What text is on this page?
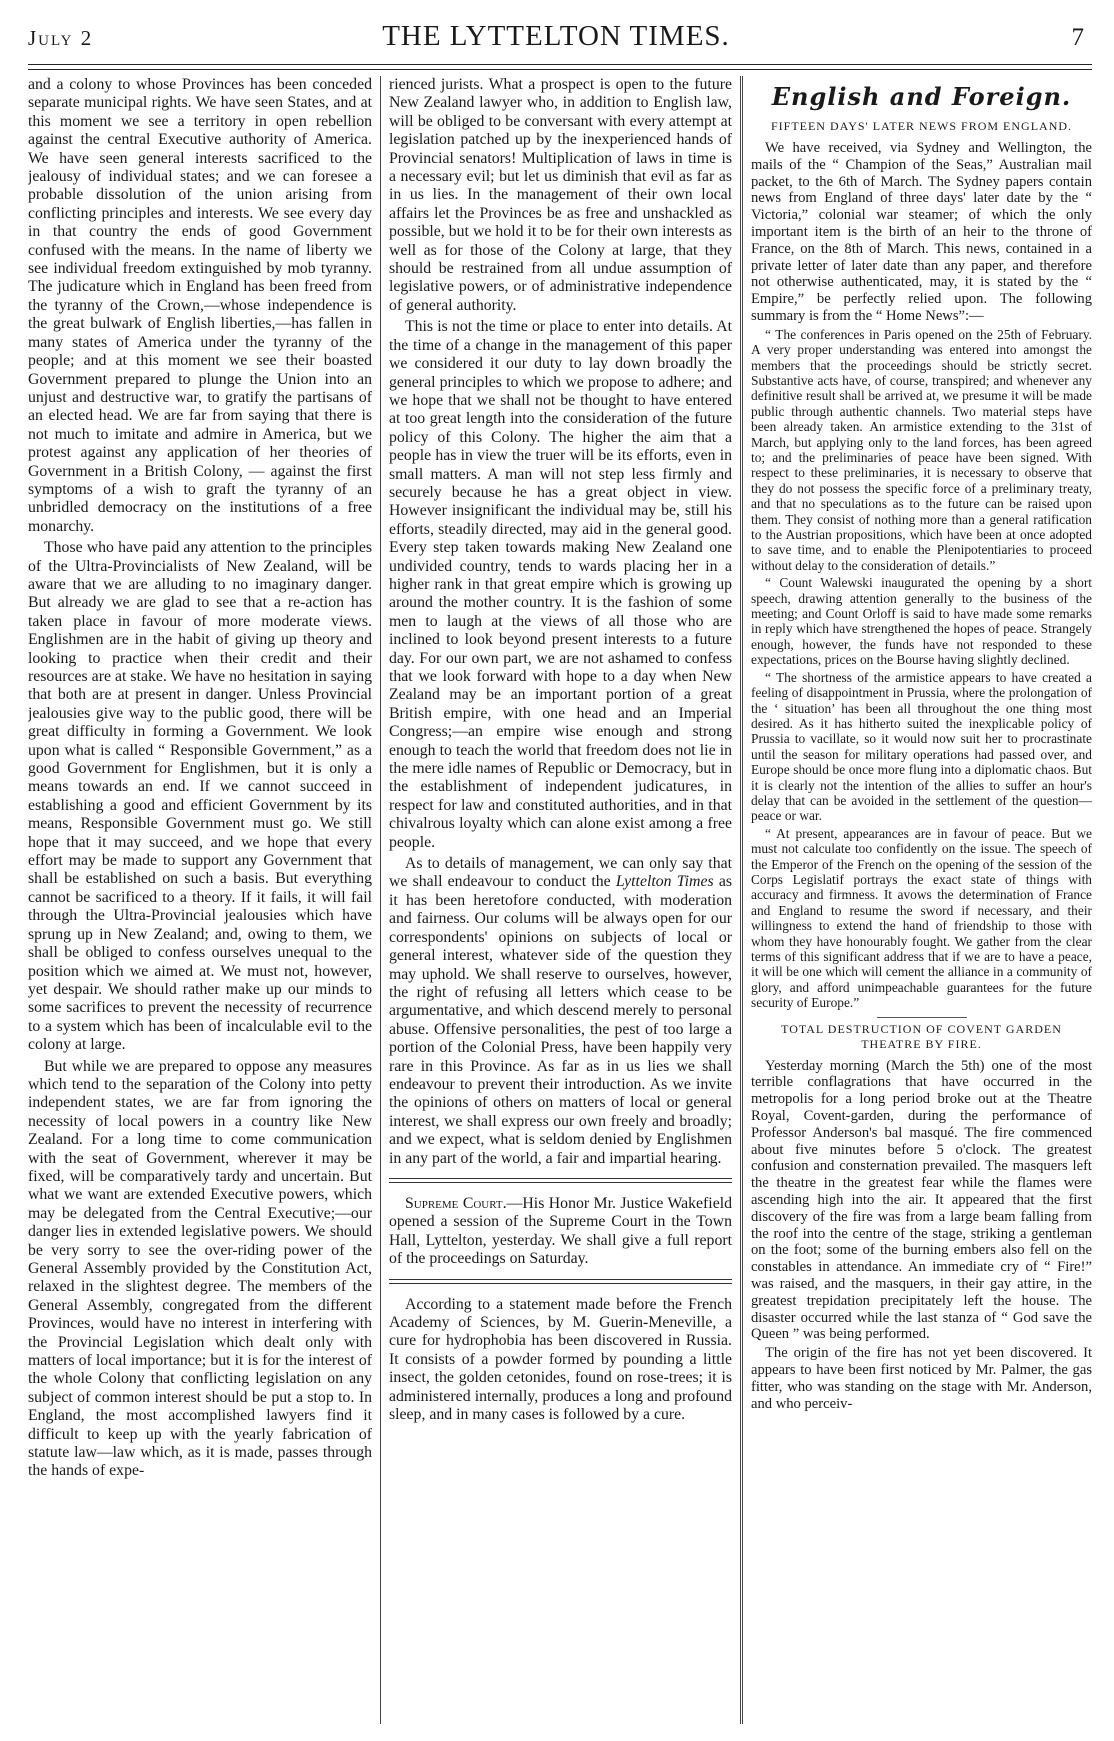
July 2	THE LYTTELTON TIMES.	7

and a colony to whose Provinces has been conceded separate municipal rights. We have seen States, and at this moment we see a territory in open rebellion against the central Executive authority of America. We have seen general interests sacrificed to the jealousy of individual states; and we can foresee a probable dissolution of the union arising from conflicting principles and interests. We see every day in that country the ends of good Government confused with the means. In the name of liberty we see individual freedom extinguished by mob tyranny. The judicature which in England has been freed from the tyranny of the Crown,—whose independence is the great bulwark of English liberties,—has fallen in many states of America under the tyranny of the people; and at this moment we see their boasted Government prepared to plunge the Union into an unjust and destructive war, to gratify the partisans of an elected head. We are far from saying that there is not much to imitate and admire in America, but we protest against any application of her theories of Government in a British Colony, — against the first symptoms of a wish to graft the tyranny of an unbridled democracy on the institutions of a free monarchy.

Those who have paid any attention to the principles of the Ultra-Provincialists of New Zealand, will be aware that we are alluding to no imaginary danger. But already we are glad to see that a re-action has taken place in favour of more moderate views. Englishmen are in the habit of giving up theory and looking to practice when their credit and their resources are at stake. We have no hesitation in saying that both are at present in danger. Unless Provincial jealousies give way to the public good, there will be great difficulty in forming a Government. We look upon what is called “ Responsible Government,” as a good Government for Englishmen, but it is only a means towards an end. If we cannot succeed in establishing a good and efficient Government by its means, Responsible Government must go. We still hope that it may succeed, and we hope that every effort may be made to support any Government that shall be established on such a basis. But everything cannot be sacrificed to a theory. If it fails, it will fail through the Ultra-Provincial jealousies which have sprung up in New Zealand; and, owing to them, we shall be obliged to confess ourselves unequal to the position which we aimed at. We must not, however, yet despair. We should rather make up our minds to some sacrifices to prevent the necessity of recurrence to a system which has been of incalculable evil to the colony at large.

But while we are prepared to oppose any measures which tend to the separation of the Colony into petty independent states, we are far from ignoring the necessity of local powers in a country like New Zealand. For a long time to come communication with the seat of Government, wherever it may be fixed, will be comparatively tardy and uncertain. But what we want are extended Executive powers, which may be delegated from the Central Executive;—our danger lies in extended legislative powers. We should be very sorry to see the over-riding power of the General Assembly provided by the Constitution Act, relaxed in the slightest degree. The members of the General Assembly, congregated from the different Provinces, would have no interest in interfering with the Provincial Legislation which dealt only with matters of local importance; but it is for the interest of the whole Colony that conflicting legislation on any subject of common interest should be put a stop to. In England, the most accomplished lawyers find it difficult to keep up with the yearly fabrication of statute law—law which, as it is made, passes through the hands of expe-

rienced jurists. What a prospect is open to the future New Zealand lawyer who, in addition to English law, will be obliged to be conversant with every attempt at legislation patched up by the inexperienced hands of Provincial senators! Multiplication of laws in time is a necessary evil; but let us diminish that evil as far as in us lies. In the management of their own local affairs let the Provinces be as free and unshackled as possible, but we hold it to be for their own interests as well as for those of the Colony at large, that they should be restrained from all undue assumption of legislative powers, or of administrative independence of general authority.

This is not the time or place to enter into details. At the time of a change in the management of this paper we considered it our duty to lay down broadly the general principles to which we propose to adhere; and we hope that we shall not be thought to have entered at too great length into the consideration of the future policy of this Colony. The higher the aim that a people has in view the truer will be its efforts, even in small matters. A man will not step less firmly and securely because he has a great object in view. However insignificant the individual may be, still his efforts, steadily directed, may aid in the general good. Every step taken towards making New Zealand one undivided country, tends to wards placing her in a higher rank in that great empire which is growing up around the mother country. It is the fashion of some men to laugh at the views of all those who are inclined to look beyond present interests to a future day. For our own part, we are not ashamed to confess that we look forward with hope to a day when New Zealand may be an important portion of a great British empire, with one head and an Imperial Congress;—an empire wise enough and strong enough to teach the world that freedom does not lie in the mere idle names of Republic or Democracy, but in the establishment of independent judicatures, in respect for law and constituted authorities, and in that chivalrous loyalty which can alone exist among a free people.

As to details of management, we can only say that we shall endeavour to conduct the Lyttelton Times as it has been heretofore conducted, with moderation and fairness. Our colums will be always open for our correspondents' opinions on subjects of local or general interest, whatever side of the question they may uphold. We shall reserve to ourselves, however, the right of refusing all letters which cease to be argumentative, and which descend merely to personal abuse. Offensive personalities, the pest of too large a portion of the Colonial Press, have been happily very rare in this Province. As far as in us lies we shall endeavour to prevent their introduction. As we invite the opinions of others on matters of local or general interest, we shall express our own freely and broadly; and we expect, what is seldom denied by Englishmen in any part of the world, a fair and impartial hearing.

Supreme Court.—His Honor Mr. Justice Wakefield opened a session of the Supreme Court in the Town Hall, Lyttelton, yesterday. We shall give a full report of the proceedings on Saturday.

According to a statement made before the French Academy of Sciences, by M. Guerin-Meneville, a cure for hydrophobia has been discovered in Russia. It consists of a powder formed by pounding a little insect, the golden cetonides, found on rose-trees; it is administered internally, produces a long and profound sleep, and in many cases is followed by a cure.

English and Foreign.
FIFTEEN DAYS' LATER NEWS FROM ENGLAND.

We have received, via Sydney and Wellington, the mails of the “ Champion of the Seas,” Australian mail packet, to the 6th of March. The Sydney papers contain news from England of three days' later date by the “ Victoria,” colonial war steamer; of which the only important item is the birth of an heir to the throne of France, on the 8th of March. This news, contained in a private letter of later date than any paper, and therefore not otherwise authenticated, may, it is stated by the “ Empire,” be perfectly relied upon. The following summary is from the “ Home News”:—

“ The conferences in Paris opened on the 25th of February. A very proper understanding was entered into amongst the members that the proceedings should be strictly secret. Substantive acts have, of course, transpired; and whenever any definitive result shall be arrived at, we presume it will be made public through authentic channels. Two material steps have been already taken. An armistice extending to the 31st of March, but applying only to the land forces, has been agreed to; and the preliminaries of peace have been signed. With respect to these preliminaries, it is necessary to observe that they do not possess the specific force of a preliminary treaty, and that no speculations as to the future can be raised upon them. They consist of nothing more than a general ratification to the Austrian propositions, which have been at once adopted to save time, and to enable the Plenipotentiaries to proceed without delay to the consideration of details.”

“ Count Walewski inaugurated the opening by a short speech, drawing attention generally to the business of the meeting; and Count Orloff is said to have made some remarks in reply which have strengthened the hopes of peace. Strangely enough, however, the funds have not responded to these expectations, prices on the Bourse having slightly declined.

“ The shortness of the armistice appears to have created a feeling of disappointment in Prussia, where the prolongation of the ‘ situation’ has been all throughout the one thing most desired. As it has hitherto suited the inexplicable policy of Prussia to vacillate, so it would now suit her to procrastinate until the season for military operations had passed over, and Europe should be once more flung into a diplomatic chaos. But it is clearly not the intention of the allies to suffer an hour's delay that can be avoided in the settlement of the question—peace or war.

“ At present, appearances are in favour of peace. But we must not calculate too confidently on the issue. The speech of the Emperor of the French on the opening of the session of the Corps Legislatif portrays the exact state of things with accuracy and firmness. It avows the determination of France and England to resume the sword if necessary, and their willingness to extend the hand of friendship to those with whom they have honourably fought. We gather from the clear terms of this significant address that if we are to have a peace, it will be one which will cement the alliance in a community of glory, and afford unimpeachable guarantees for the future security of Europe.”

TOTAL DESTRUCTION OF COVENT GARDEN THEATRE BY FIRE.

Yesterday morning (March the 5th) one of the most terrible conflagrations that have occurred in the metropolis for a long period broke out at the Theatre Royal, Covent-garden, during the performance of Professor Anderson's bal masqué. The fire commenced about five minutes before 5 o'clock. The greatest confusion and consternation prevailed. The masquers left the theatre in the greatest fear while the flames were ascending high into the air. It appeared that the first discovery of the fire was from a large beam falling from the roof into the centre of the stage, striking a gentleman on the foot; some of the burning embers also fell on the constables in attendance. An immediate cry of “ Fire!” was raised, and the masquers, in their gay attire, in the greatest trepidation precipitately left the house. The disaster occurred while the last stanza of “ God save the Queen ” was being performed.

The origin of the fire has not yet been discovered. It appears to have been first noticed by Mr. Palmer, the gas fitter, who was standing on the stage with Mr. Anderson, and who perceiv-
